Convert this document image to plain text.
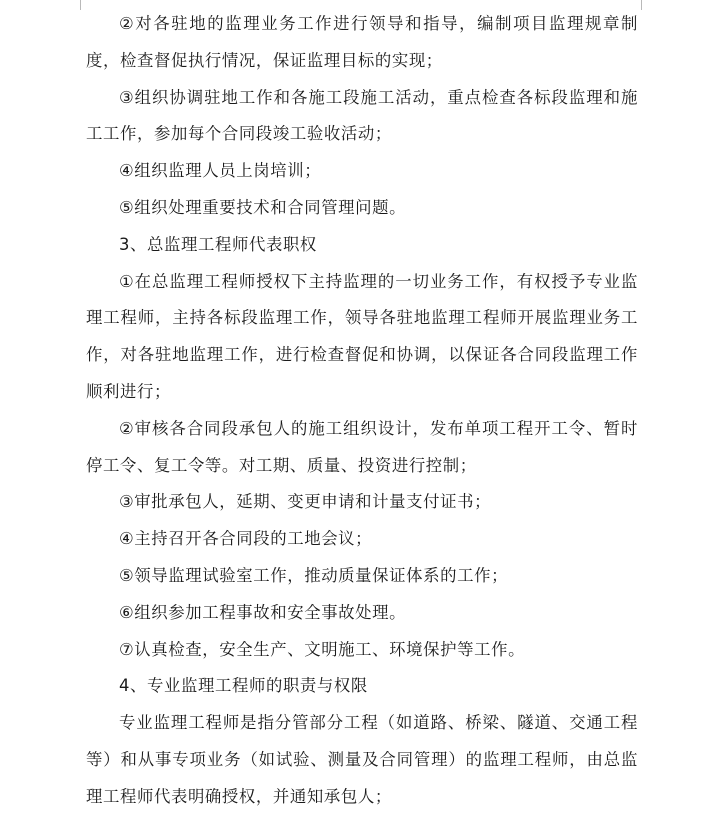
②对各驻地的监理业务工作进行领导和指导，编制项目监理规章制度，检查督促执行情况，保证监理目标的实现；

③组织协调驻地工作和各施工段施工活动，重点检查各标段监理和施工工作，参加每个合同段竣工验收活动；

④组织监理人员上岗培训；

⑤组织处理重要技术和合同管理问题。

3、总监理工程师代表职权

①在总监理工程师授权下主持监理的一切业务工作，有权授予专业监理工程师，主持各标段监理工作，领导各驻地监理工程师开展监理业务工作，对各驻地监理工作，进行检查督促和协调，以保证各合同段监理工作顺利进行；

②审核各合同段承包人的施工组织设计，发布单项工程开工令、暂时停工令、复工令等。对工期、质量、投资进行控制；

③审批承包人，延期、变更申请和计量支付证书；

④主持召开各合同段的工地会议；

⑤领导监理试验室工作，推动质量保证体系的工作；

⑥组织参加工程事故和安全事故处理。

⑦认真检查，安全生产、文明施工、环境保护等工作。

4、专业监理工程师的职责与权限

专业监理工程师是指分管部分工程（如道路、桥梁、隧道、交通工程等）和从事专项业务（如试验、测量及合同管理）的监理工程师，由总监理工程师代表明确授权，并通知承包人；
